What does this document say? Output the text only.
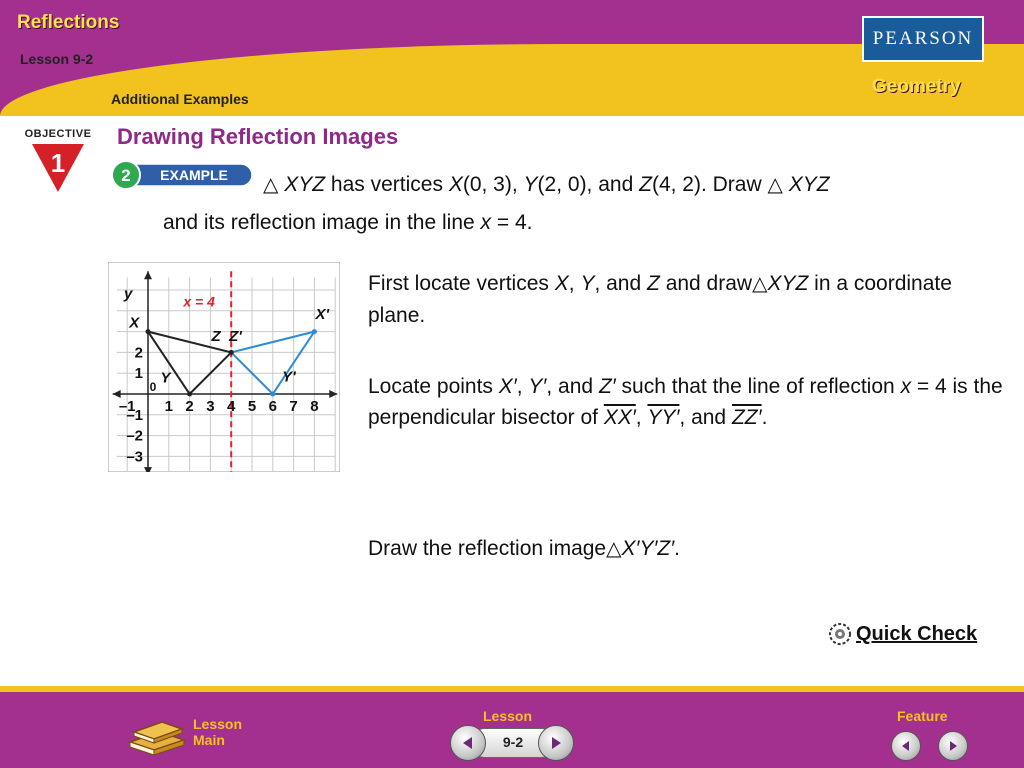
Reflections
Lesson 9-2
Additional Examples
PEARSON
Geometry
OBJECTIVE
1
Drawing Reflection Images
2 EXAMPLE	△ XYZ has vertices X(0, 3), Y(2, 0), and Z(4, 2). Draw △ XYZ
and its reflection image in the line x = 4.
–1
0
1 2 3 4 5 6 7 8
2
1
–1
–2
–3
X
Y
Z Z'
X'
Y'
y	x = 4
First locate vertices X, Y, and Z and draw△XYZ in a coordinate plane.
Locate points X′, Y′, and Z′ such that the line of reflection x = 4 is the perpendicular bisector of XX′, YY′, and ZZ′.
Draw the reflection image△X′Y′Z′.
Quick Check
Lesson
Main
Lesson
9-2
Feature
